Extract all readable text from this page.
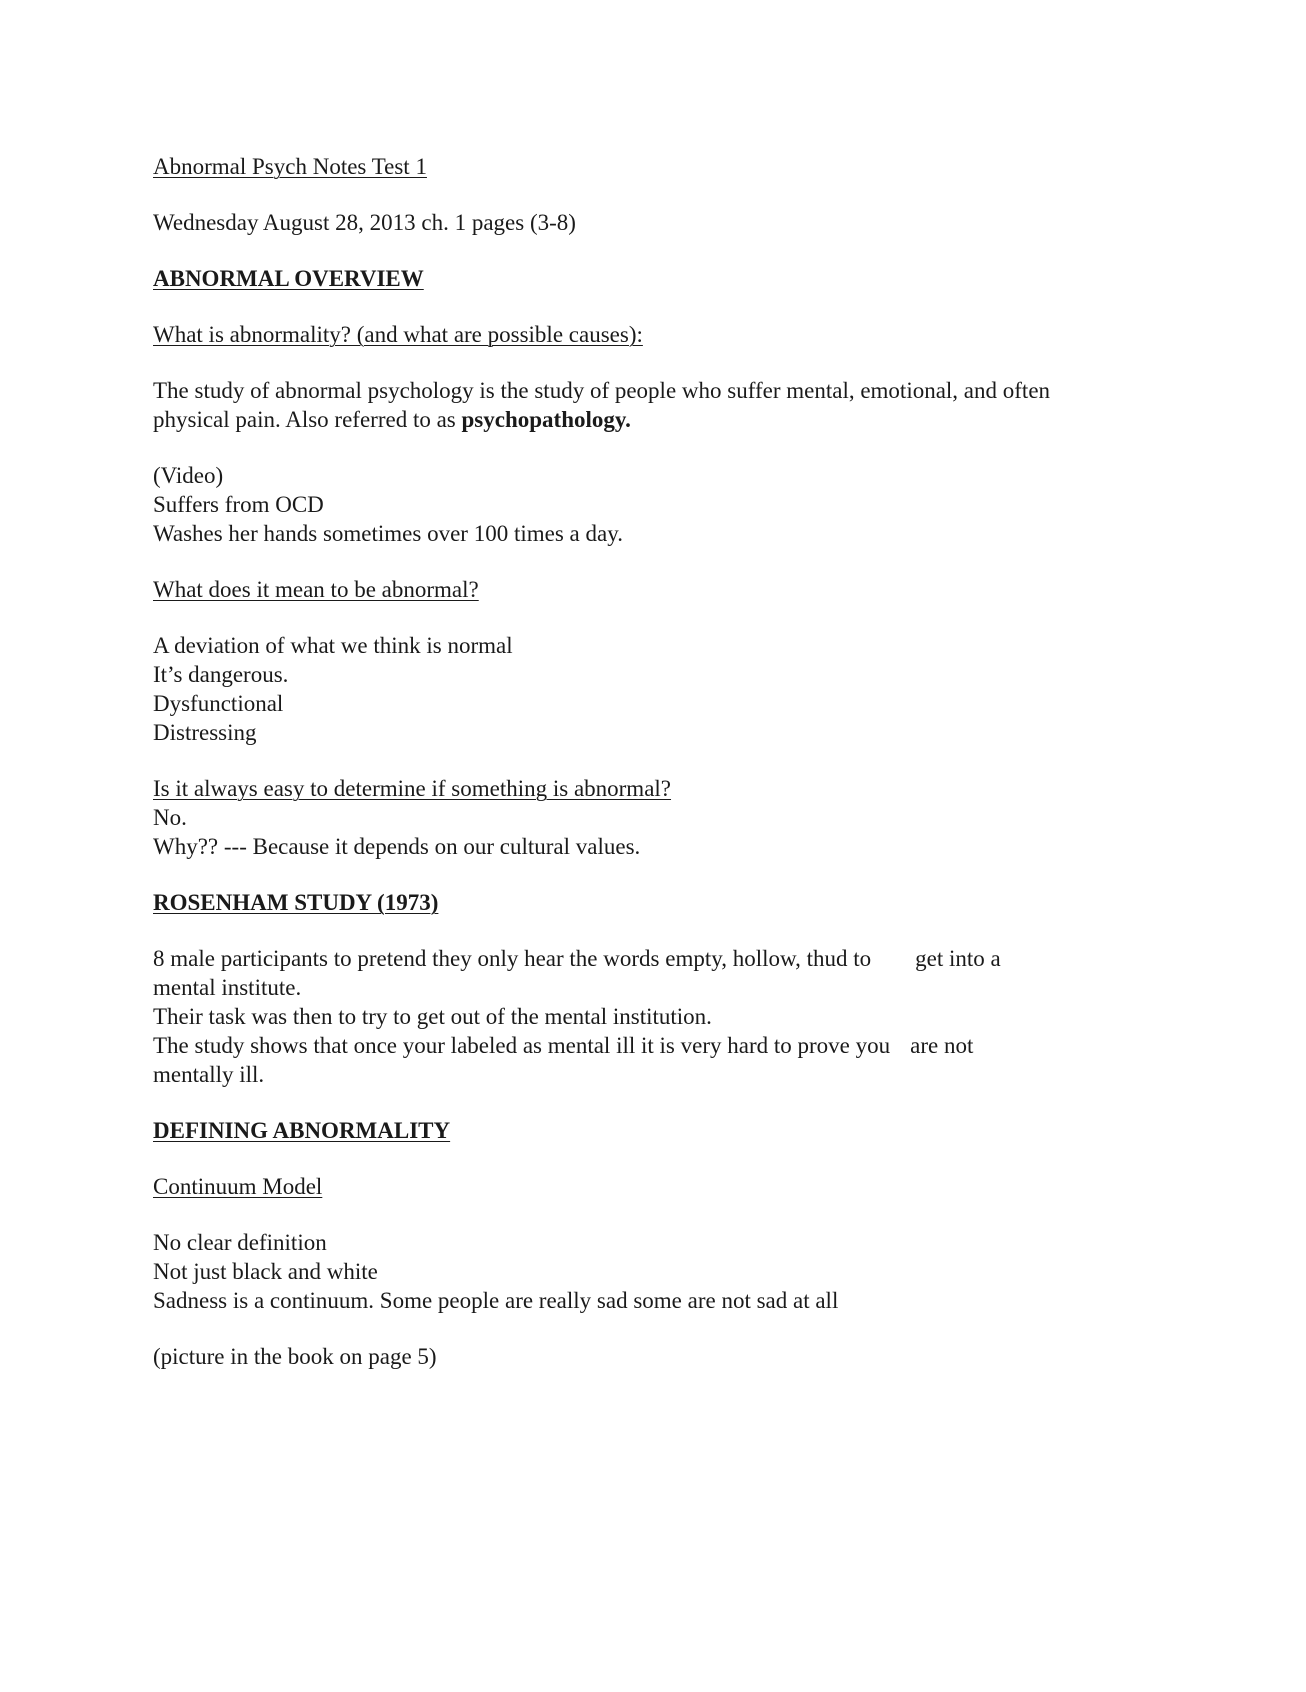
Abnormal Psych Notes Test 1

Wednesday August 28, 2013 ch. 1 pages (3-8)

ABNORMAL OVERVIEW

What is abnormality? (and what are possible causes):

The study of abnormal psychology is the study of people who suffer mental, emotional, and often

physical pain. Also referred to as psychopathology.

(Video)

Suffers from OCD

Washes her hands sometimes over 100 times a day.

What does it mean to be abnormal?

A deviation of what we think is normal

It’s dangerous.

Dysfunctional

Distressing

Is it always easy to determine if something is abnormal?

No.

Why?? --- Because it depends on our cultural values.

ROSENHAM STUDY (1973)

8 male participants to pretend they only hear the words empty, hollow, thud to get into a

mental institute.

Their task was then to try to get out of the mental institution.

The study shows that once your labeled as mental ill it is very hard to prove you are not

mentally ill.

DEFINING ABNORMALITY

Continuum Model

No clear definition

Not just black and white

Sadness is a continuum. Some people are really sad some are not sad at all

(picture in the book on page 5)
